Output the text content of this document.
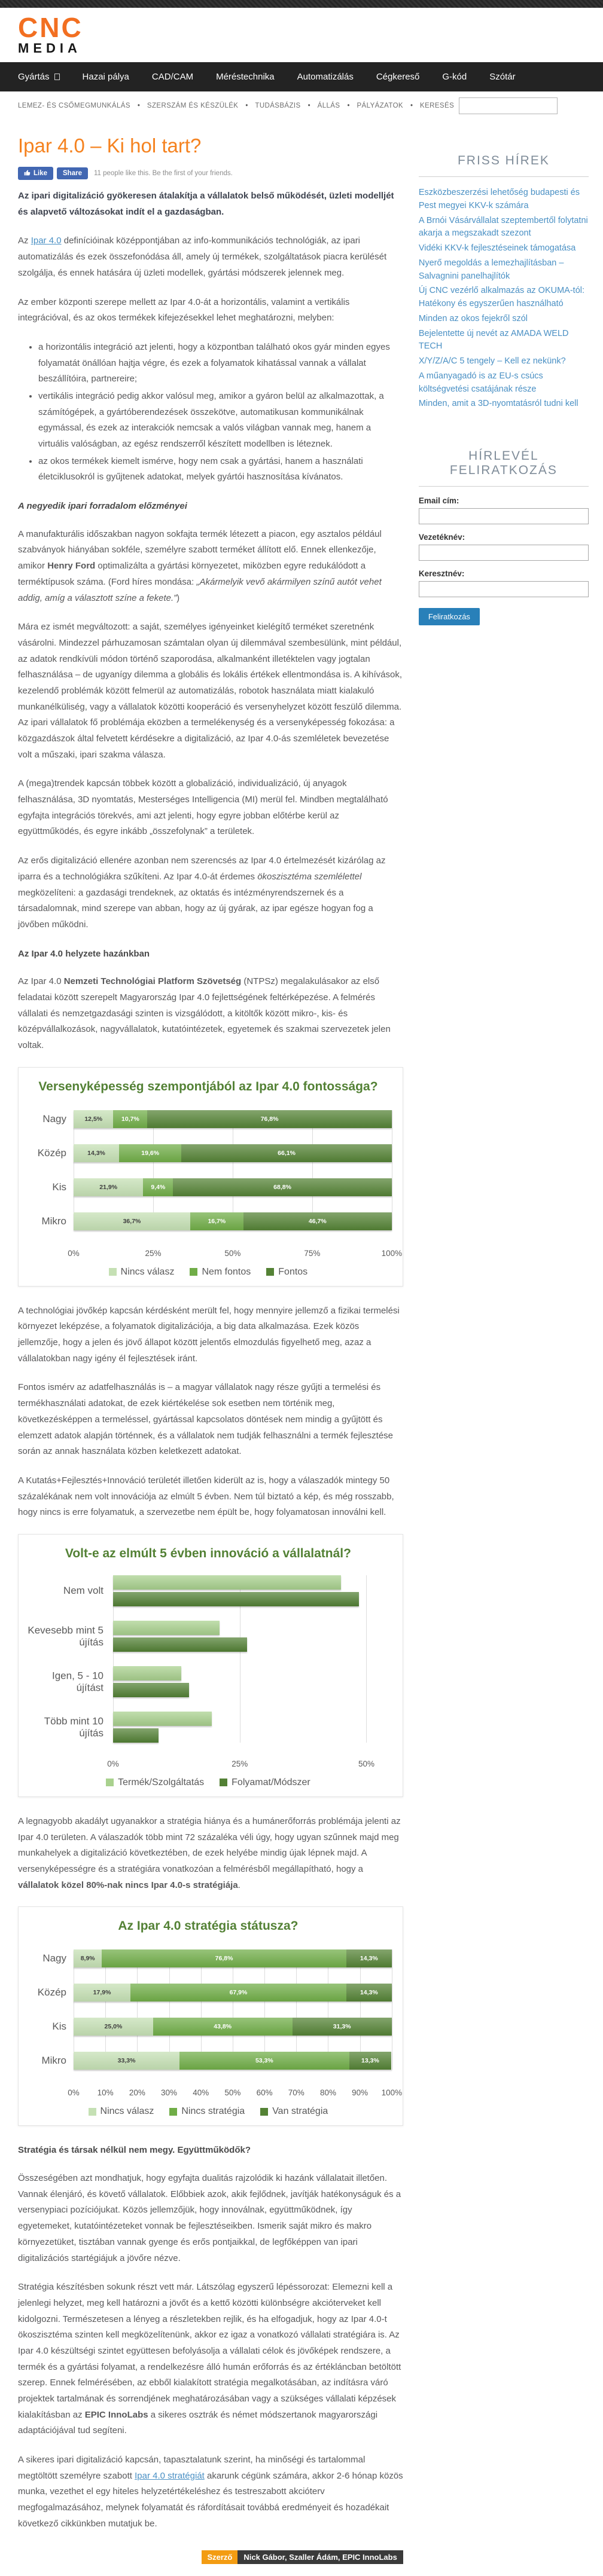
CNC
MEDIA
Gyártás	Hazai pálya	CAD/CAM	Méréstechnika	Automatizálás	Cégkereső	G-kód	Szótár
LEMEZ- ÉS CSŐMEGMUNKÁLÁS • SZERSZÁM ÉS KÉSZÜLÉK • TUDÁSBÁZIS • ÁLLÁS • PÁLYÁZATOK • KERESÉS
Ipar 4.0 – Ki hol tart?
Like Share 11 people like this. Be the first of your friends.

Az ipari digitalizáció gyökeresen átalakítja a vállalatok belső működését, üzleti modelljét és alapvető változásokat indít el a gazdaságban.

Az Ipar 4.0 definícióinak középpontjában az info-kommunikációs technológiák, az ipari automatizálás és ezek összefonódása áll, amely új termékek, szolgáltatások piacra kerülését szolgálja, és ennek hatására új üzleti modellek, gyártási módszerek jelennek meg.

Az ember központi szerepe mellett az Ipar 4.0-át a horizontális, valamint a vertikális integrációval, és az okos termékek kifejezésekkel lehet meghatározni, melyben:

• a horizontális integráció azt jelenti, hogy a központban található okos gyár minden egyes folyamatát önállóan hajtja végre, és ezek a folyamatok kihatással vannak a vállalat beszállítóira, partnereire;
• vertikális integráció pedig akkor valósul meg, amikor a gyáron belül az alkalmazottak, a számítógépek, a gyártóberendezések összekötve, automatikusan kommunikálnak egymással, és ezek az interakciók nemcsak a valós világban vannak meg, hanem a virtuális valóságban, az egész rendszerről készített modellben is léteznek.
• az okos termékek kiemelt ismérve, hogy nem csak a gyártási, hanem a használati életciklusokról is gyűjtenek adatokat, melyek gyártói hasznosítása kívánatos.

A negyedik ipari forradalom előzményei

A manufakturális időszakban nagyon sokfajta termék létezett a piacon, egy asztalos például szabványok hiányában sokféle, személyre szabott terméket állított elő. Ennek ellenkezője, amikor Henry Ford optimalizálta a gyártási környezetet, miközben egyre redukálódott a terméktípusok száma. (Ford híres mondása: „Akármelyik vevő akármilyen színű autót vehet addig, amíg a választott színe a fekete.”)

Mára ez ismét megváltozott: a saját, személyes igényeinket kielégítő terméket szeretnénk vásárolni. Mindezzel párhuzamosan számtalan olyan új dilemmával szembesülünk, mint például, az adatok rendkívüli módon történő szaporodása, alkalmanként illetéktelen vagy jogtalan felhasználása – de ugyanígy dilemma a globális és lokális értékek ellentmondása is. A kihívások, kezelendő problémák között felmerül az automatizálás, robotok használata miatt kialakuló munkanélküliség, vagy a vállalatok közötti kooperáció és versenyhelyzet között feszülő dilemma. Az ipari vállalatok fő problémája eközben a termelékenység és a versenyképesség fokozása: a közgazdászok által felvetett kérdésekre a digitalizáció, az Ipar 4.0-ás szemléletek bevezetése volt a műszaki, ipari szakma válasza.

A (mega)trendek kapcsán többek között a globalizáció, individualizáció, új anyagok felhasználása, 3D nyomtatás, Mesterséges Intelligencia (MI) merül fel. Mindben megtalálható egyfajta integrációs törekvés, ami azt jelenti, hogy egyre jobban előtérbe kerül az együttműködés, és egyre inkább „összefolynak” a területek.

Az erős digitalizáció ellenére azonban nem szerencsés az Ipar 4.0 értelmezését kizárólag az iparra és a technológiákra szűkíteni. Az Ipar 4.0-át érdemes ökoszisztéma szemlélettel megközelíteni: a gazdasági trendeknek, az oktatás és intézményrendszernek és a társadalomnak, mind szerepe van abban, hogy az új gyárak, az ipar egésze hogyan fog a jövőben működni.

Az Ipar 4.0 helyzete hazánkban

Az Ipar 4.0 Nemzeti Technológiai Platform Szövetség (NTPSz) megalakulásakor az első feladatai között szerepelt Magyarország Ipar 4.0 fejlettségének feltérképezése. A felmérés vállalati és nemzetgazdasági szinten is vizsgálódott, a kitöltők között mikro-, kis- és középvállalkozások, nagyvállalatok, kutatóintézetek, egyetemek és szakmai szervezetek jelen voltak.

Versenyképesség szempontjából az Ipar 4.0 fontossága?
Nagy	12,5%	10,7%	76,8%
Közép	14,3%	19,6%	66,1%
Kis	21,9%	9,4%	68,8%
Mikro	36,7%	16,7%	46,7%
0%	25%	50%	75%	100%
Nincs válasz	Nem fontos	Fontos

A technológiai jövőkép kapcsán kérdésként merült fel, hogy mennyire jellemző a fizikai termelési környezet leképzése, a folyamatok digitalizációja, a big data alkalmazása. Ezek közös jellemzője, hogy a jelen és jövő állapot között jelentős elmozdulás figyelhető meg, azaz a vállalatokban nagy igény él fejlesztések iránt.

Fontos ismérv az adatfelhasználás is – a magyar vállalatok nagy része gyűjti a termelési és termékhasználati adatokat, de ezek kiértékelése sok esetben nem történik meg, következésképpen a termeléssel, gyártással kapcsolatos döntések nem mindig a gyűjtött és elemzett adatok alapján történnek, és a vállalatok nem tudják felhasználni a termék fejlesztése során az annak használata közben keletkezett adatokat.

A Kutatás+Fejlesztés+Innováció területét illetően kiderült az is, hogy a válaszadók mintegy 50 százalékának nem volt innovációja az elmúlt 5 évben. Nem túl biztató a kép, és még rosszabb, hogy nincs is erre folyamatuk, a szervezetbe nem épült be, hogy folyamatosan innoválni kell.

Volt-e az elmúlt 5 évben innováció a vállalatnál?
Nem volt
Kevesebb mint 5 újítás
Igen, 5 - 10 újítást
Több mint 10 újítás
0%	25%	50%
Termék/Szolgáltatás	Folyamat/Módszer

A legnagyobb akadályt ugyanakkor a stratégia hiánya és a humánerőforrás problémája jelenti az Ipar 4.0 területen. A válaszadók több mint 72 százaléka véli úgy, hogy ugyan szűnnek majd meg munkahelyek a digitalizáció következtében, de ezek helyébe mindig újak lépnek majd. A versenyképességre és a stratégiára vonatkozóan a felmérésből megállapítható, hogy a vállalatok közel 80%-nak nincs Ipar 4.0-s stratégiája.

Az Ipar 4.0 stratégia státusza?
Nagy 8,9%	76,8%	14,3%
Közép	17,9%	67,9%	14,3%
Kis	25,0%	43,8%	31,3%
Mikro	33,3%	53,3%	13,3%
0% 10% 20% 30% 40% 50% 60% 70% 80% 90% 100%
Nincs válasz	Nincs stratégia	Van stratégia

Stratégia és társak nélkül nem megy. Együttműködők?

Összeségében azt mondhatjuk, hogy egyfajta dualitás rajzolódik ki hazánk vállalatait illetően. Vannak élenjáró, és követő vállalatok. Előbbiek azok, akik fejlődnek, javítják hatékonyságuk és a versenypiaci pozíciójukat. Közös jellemzőjük, hogy innoválnak, együttműködnek, így egyetemeket, kutatóintézeteket vonnak be fejlesztéseikben. Ismerik saját mikro és makro környezetüket, tisztában vannak gyenge és erős pontjaikkal, de legfőképpen van ipari digitalizációs startégiájuk a jövőre nézve.

Stratégia készítésben sokunk részt vett már. Látszólag egyszerű lépéssorozat: Elemezni kell a jelenlegi helyzet, meg kell határozni a jövőt és a kettő közötti különbségre akcióterveket kell kidolgozni. Természetesen a lényeg a részletekben rejlik, és ha elfogadjuk, hogy az Ipar 4.0-t ökoszisztéma szinten kell megközelítenünk, akkor ez igaz a vonatkozó vállalati stratégiára is. Az Ipar 4.0 készültségi szintet együttesen befolyásolja a vállalati célok és jövőképek rendszere, a termék és a gyártási folyamat, a rendelkezésre álló humán erőforrás és az értékláncban betöltött szerep. Ennek felmérésében, az ebből kialakított stratégia megalkotásában, az indításra váró projektek tartalmának és sorrendjének meghatározásában vagy a szükséges vállalati képzések kialakításban az EPIC InnoLabs a sikeres osztrák és német módszertanok magyarországi adaptációjával tud segíteni.

A sikeres ipari digitalizáció kapcsán, tapasztalatunk szerint, ha minőségi és tartalommal megtöltött személyre szabott Ipar 4.0 stratégiát akarunk cégünk számára, akkor 2-6 hónap közös munka, vezethet el egy hiteles helyzetértékeléshez és testreszabott akcióterv megfogalmazásához, melynek folyamatát és ráfordításait továbbá eredményeit és hozadékait következő cikkünkben mutatjuk be.

Szerző	Nick Gábor, Szaller Ádám, EPIC InnoLabs
FRISS HÍREK
Eszközbeszerzési lehetőség budapesti és Pest megyei KKV-k számára
A Brnói Vásárvállalat szeptembertől folytatni akarja a megszakadt szezont
Vidéki KKV-k fejlesztéseinek támogatása
Nyerő megoldás a lemezhajlításban – Salvagnini panelhajlítók
Új CNC vezérlő alkalmazás az OKUMA-tól: Hatékony és egyszerűen használható
Minden az okos fejekről szól
Bejelentette új nevét az AMADA WELD TECH
X/Y/Z/A/C 5 tengely – Kell ez nekünk?
A műanyagadó is az EU-s csúcs költségvetési csatájának része
Minden, amit a 3D-nyomtatásról tudni kell
HÍRLEVÉL FELIRATKOZÁS
Email cím:
Vezetéknév:
Keresztnév:
Feliratkozás
